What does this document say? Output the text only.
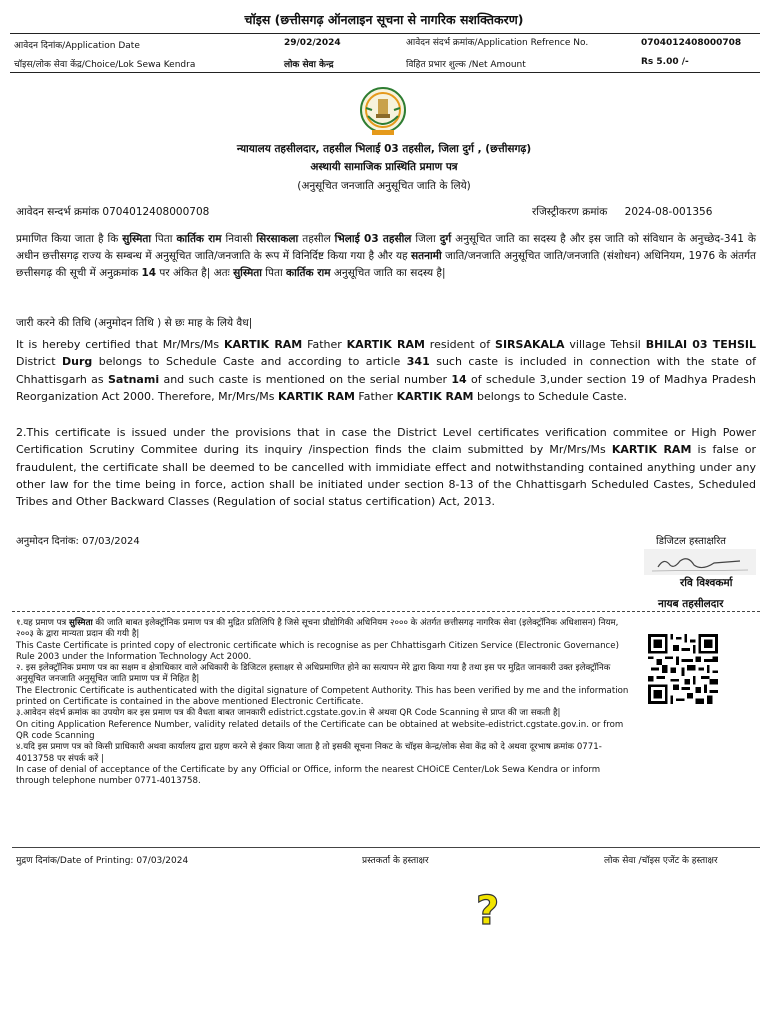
चॉइस (छत्तीसगढ़ ऑनलाइन सूचना से नागरिक सशक्तिकरण)
आवेदन दिनांक/Application Date	29/02/2024	आवेदन संदर्भ क्रमांक/Application Refrence No.	070401240800070​8
चॉइस/लोक सेवा केंद्र/Choice/Lok Sewa Kendra	लोक सेवा केन्द्र	विहित प्रभार शुल्क /Net Amount	Rs 5.00 /-
न्यायालय तहसीलदार, तहसील भिलाई 03 तहसील, जिला दुर्ग , (छत्तीसगढ़)
अस्थायी सामाजिक प्रास्थिति प्रमाण पत्र
(अनुसूचित जनजाति अनुसूचित जाति के लिये)
आवेदन सन्दर्भ क्रमांक 0704012408000708	रजिस्ट्रीकरण क्रमांक 2024-08-001356
प्रमाणित किया जाता है कि सुस्मिता पिता कार्तिक राम निवासी सिरसाकला तहसील भिलाई 03 तहसील जिला दुर्ग अनुसूचित जाति का सदस्य है और इस जाति को संविधान के अनुच्छेद-341 के अधीन छत्तीसगढ़ राज्य के सम्बन्ध में अनुसूचित जाति/जनजाति के रूप में विनिर्दिष्ट किया गया है और यह सतनामी जाति/जनजाति अनुसूचित जाति/जनजाति (संशोधन) अधिनियम, 1976 के अंतर्गत छत्तीसगढ़ की सूची में अनुक्रमांक 14 पर अंकित है| अतः सुस्मिता पिता कार्तिक राम अनुसूचित जाति का सदस्य है|
जारी करने की तिथि (अनुमोदन तिथि ) से छः माह के लिये वैध|
It is hereby certified that Mr/Mrs/Ms KARTIK RAM Father KARTIK RAM resident of SIRSAKALA village Tehsil BHILAI 03 TEHSIL District Durg belongs to Schedule Caste and according to article 341 such caste is included in connection with the state of Chhattisgarh as Satnami and such caste is mentioned on the serial number 14 of schedule 3,under section 19 of Madhya Pradesh Reorganization Act 2000. Therefore, Mr/Mrs/Ms KARTIK RAM Father KARTIK RAM belongs to Schedule Caste.
2.This certificate is issued under the provisions that in case the District Level certificates verification commitee or High Power Certification Scrutiny Commitee during its inquiry /inspection finds the claim submitted by Mr/Mrs/Ms KARTIK RAM is false or fraudulent, the certificate shall be deemed to be cancelled with immidiate effect and notwithstanding contained anything under any other law for the time being in force, action shall be initiated under section 8-13 of the Chhattisgarh Scheduled Castes, Scheduled Tribes and Other Backward Classes (Regulation of social status certification) Act, 2013.
अनुमोदन दिनांक: 07/03/2024	डिजिटल हस्ताक्षरित
रवि विश्वकर्मा
नायब तहसीलदार
१.यह प्रमाण पत्र सुस्मिता की जाति बाबत इलेक्ट्रॉनिक प्रमाण पत्र की मुद्रित प्रतिलिपि है जिसे सूचना प्रौद्योगिकी अधिनियम २००० के अंतर्गत छत्तीसगढ़ नागरिक सेवा (इलेक्ट्रॉनिक अधिशासन) नियम, २००३ के द्वारा मान्यता प्रदान की गयी है|
This Caste Certificate is printed copy of electronic certificate which is recognise as per Chhattisgarh Citizen Service (Electronic Governance) Rule 2003 under the Information Technology Act 2000.
२. इस इलेक्ट्रॉनिक प्रमाण पत्र का सक्षम व क्षेत्राधिकार वाले अधिकारी के डिजिटल हस्ताक्षर से अधिप्रमाणित होने का सत्यापन मेरे द्वारा किया गया है तथा इस पर मुद्रित जानकारी उक्त इलेक्ट्रॉनिक अनुसूचित जनजाति अनुसूचित जाति प्रमाण पत्र में निहित है|
The Electronic Certificate is authenticated with the digital signature of Competent Authority. This has been verified by me and the information printed on Certificate is contained in the above mentioned Electronic Certificate.
३.आवेदन संदर्भ क्रमांक का उपयोग कर इस प्रमाण पत्र की वैधता बाबत जानकारी edistrict.cgstate.gov.in से अथवा QR Code Scanning से प्राप्त की जा सकती है|
On citing Application Reference Number, validity related details of the Certificate can be obtained at website-edistrict.cgstate.gov.in. or from QR code Scanning
४.यदि इस प्रमाण पत्र को किसी प्राधिकारी अथवा कार्यालय द्वारा ग्रहण करने से इंकार किया जाता है तो इसकी सूचना निकट के चॉइस केन्द्र/लोक सेवा केंद्र को दे अथवा दूरभाष क्रमांक 0771-4013758 पर संपर्क करें |
In case of denial of acceptance of the Certificate by any Official or Office, inform the nearest CHOiCE Center/Lok Sewa Kendra or inform through telephone number 0771-4013758.
मुद्रण दिनांक/Date of Printing: 07/03/2024	प्रस्तकर्ता के हस्ताक्षर	लोक सेवा /चॉइस एजेंट के हस्ताक्षर
?
